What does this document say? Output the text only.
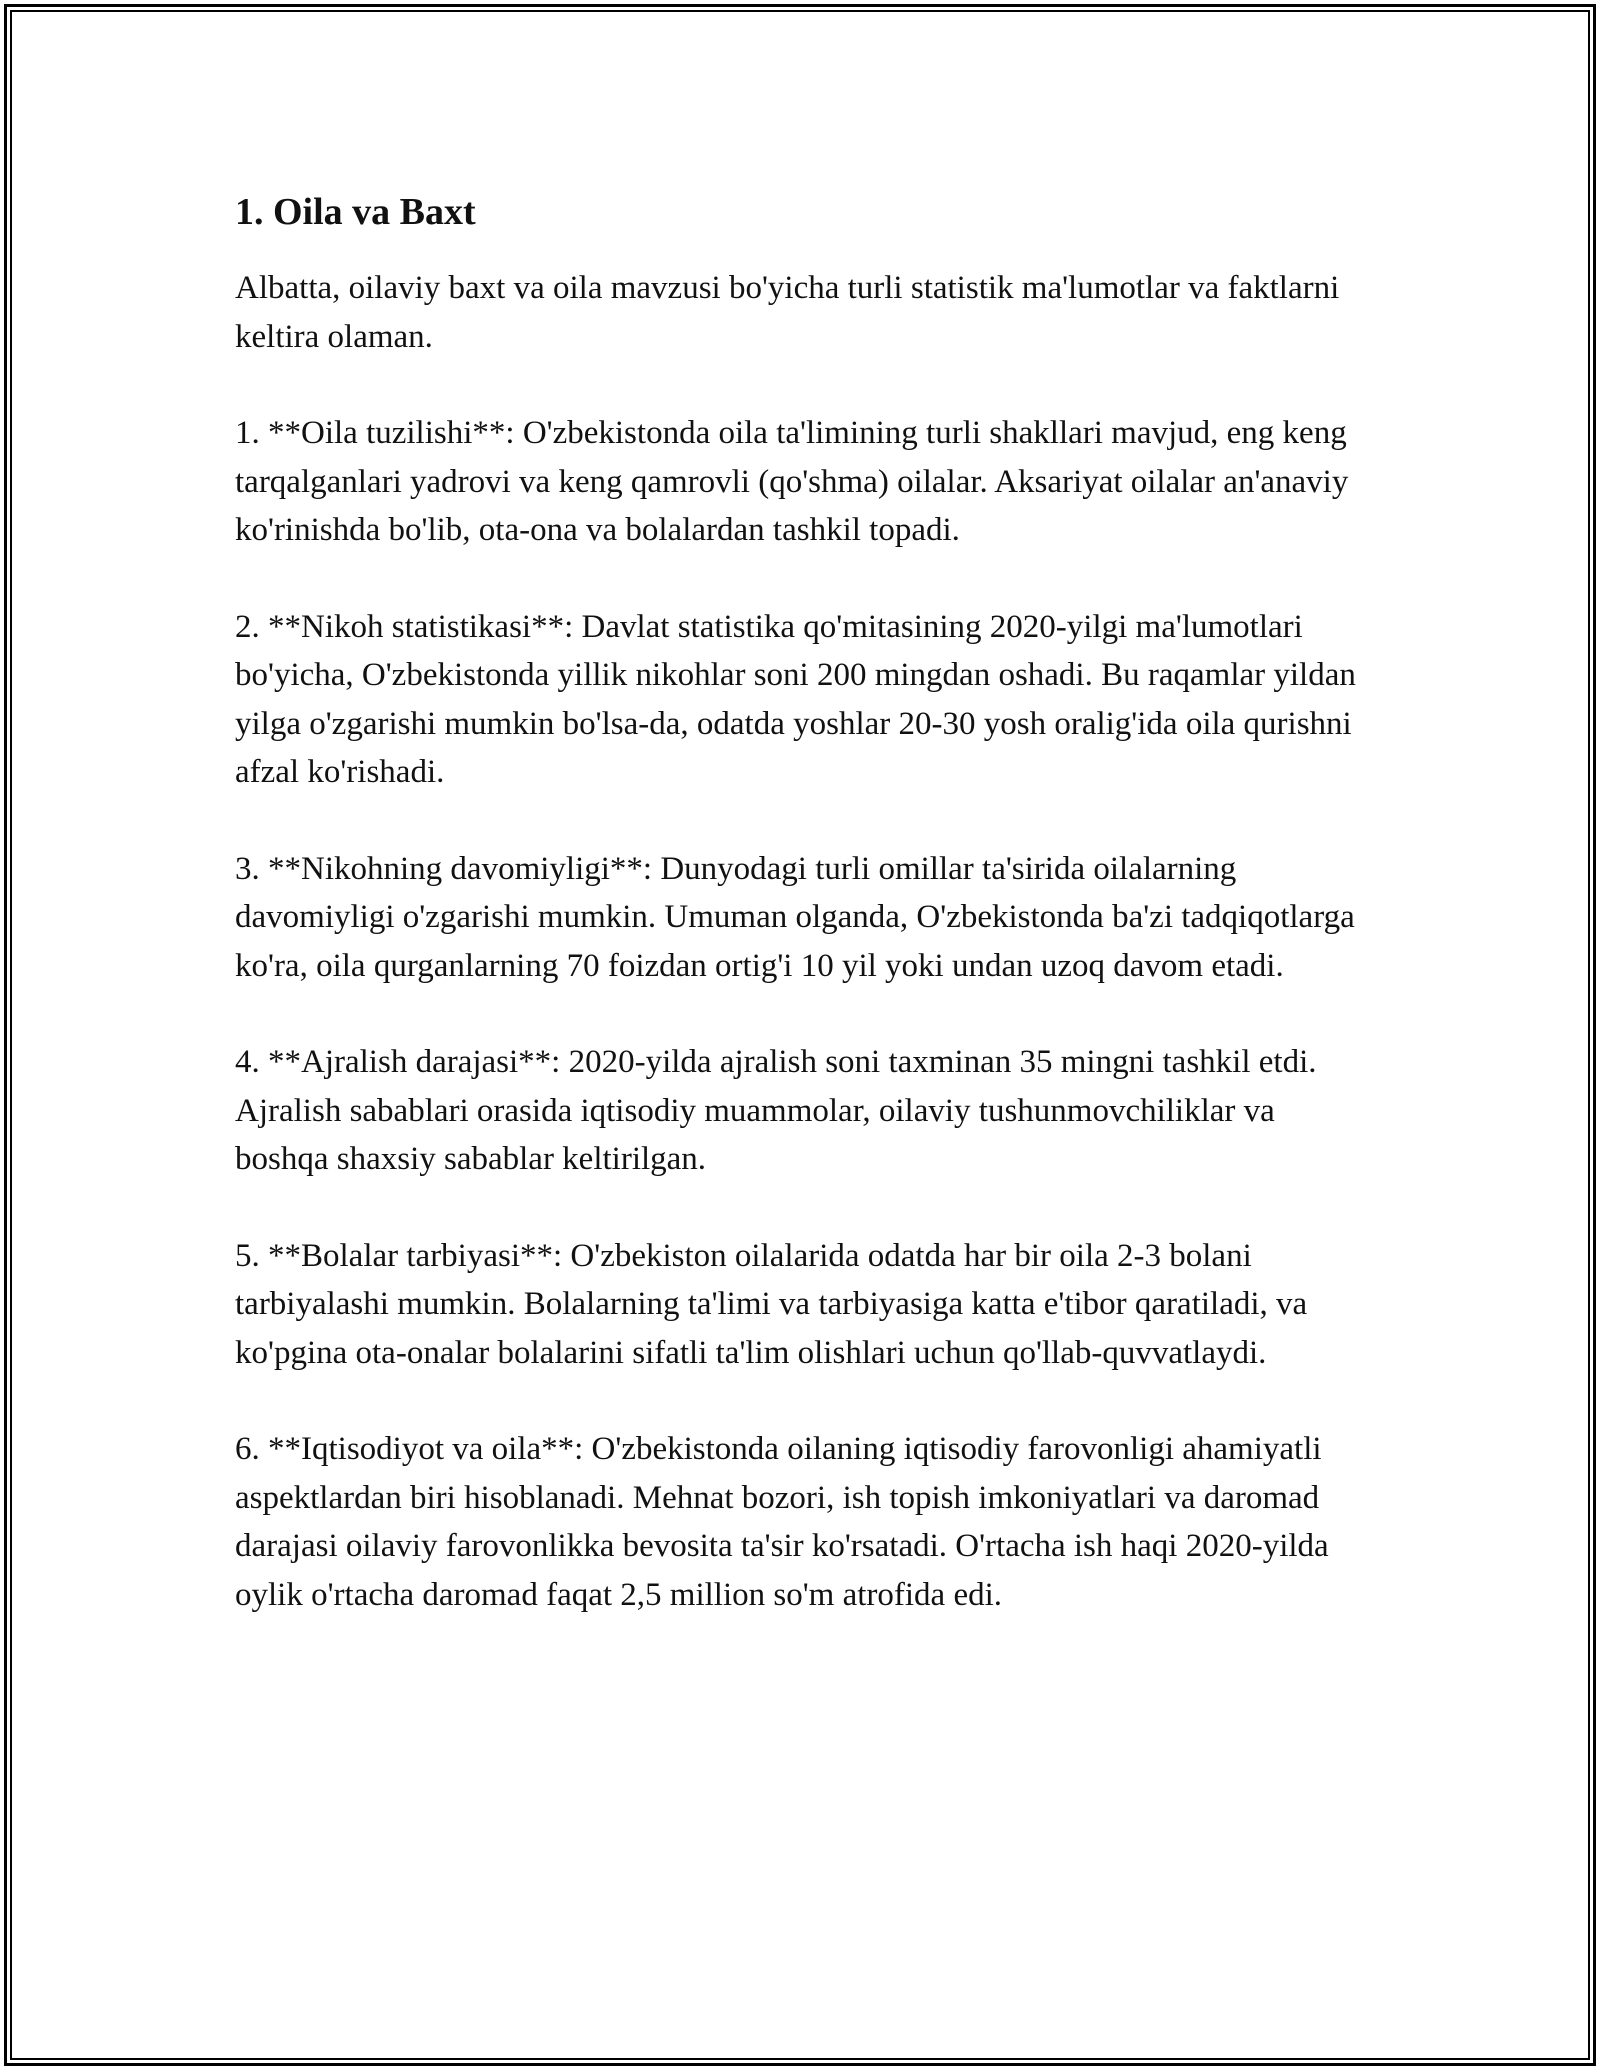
1. Oila va Baxt

Albatta, oilaviy baxt va oila mavzusi bo'yicha turli statistik ma'lumotlar va faktlarni keltira olaman.

1. **Oila tuzilishi**: O'zbekistonda oila ta'limining turli shakllari mavjud, eng keng tarqalganlari yadrovi va keng qamrovli (qo'shma) oilalar. Aksariyat oilalar an'anaviy ko'rinishda bo'lib, ota-ona va bolalardan tashkil topadi.

2. **Nikoh statistikasi**: Davlat statistika qo'mitasining 2020-yilgi ma'lumotlari bo'yicha, O'zbekistonda yillik nikohlar soni 200 mingdan oshadi. Bu raqamlar yildan yilga o'zgarishi mumkin bo'lsa-da, odatda yoshlar 20-30 yosh oralig'ida oila qurishni afzal ko'rishadi.

3. **Nikohning davomiyligi**: Dunyodagi turli omillar ta'sirida oilalarning davomiyligi o'zgarishi mumkin. Umuman olganda, O'zbekistonda ba'zi tadqiqotlarga ko'ra, oila qurganlarning 70 foizdan ortig'i 10 yil yoki undan uzoq davom etadi.

4. **Ajralish darajasi**: 2020-yilda ajralish soni taxminan 35 mingni tashkil etdi. Ajralish sabablari orasida iqtisodiy muammolar, oilaviy tushunmovchiliklar va boshqa shaxsiy sabablar keltirilgan.

5. **Bolalar tarbiyasi**: O'zbekiston oilalarida odatda har bir oila 2-3 bolani tarbiyalashi mumkin. Bolalarning ta'limi va tarbiyasiga katta e'tibor qaratiladi, va ko'pgina ota-onalar bolalarini sifatli ta'lim olishlari uchun qo'llab-quvvatlaydi.

6. **Iqtisodiyot va oila**: O'zbekistonda oilaning iqtisodiy farovonligi ahamiyatli aspektlardan biri hisoblanadi. Mehnat bozori, ish topish imkoniyatlari va daromad darajasi oilaviy farovonlikka bevosita ta'sir ko'rsatadi. O'rtacha ish haqi 2020-yilda oylik o'rtacha daromad faqat 2,5 million so'm atrofida edi.
